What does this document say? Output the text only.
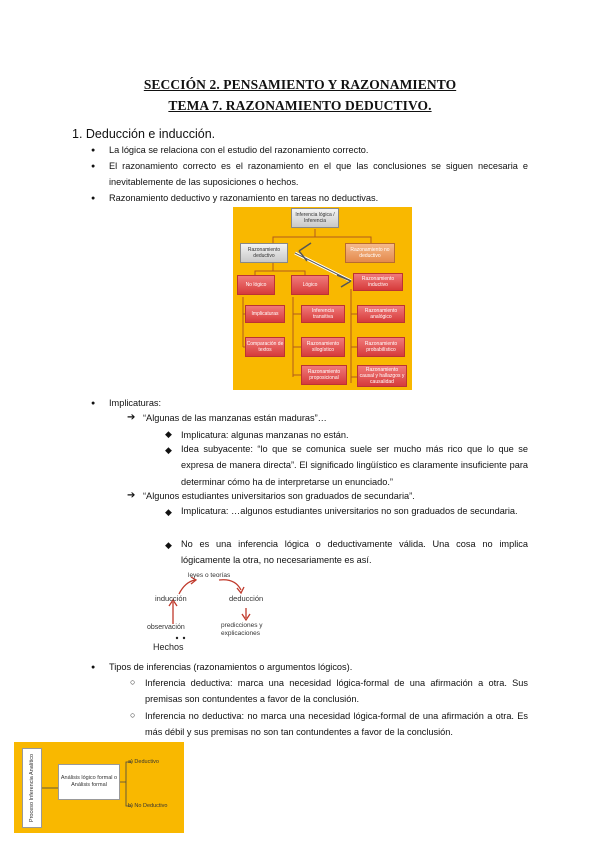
SECCIÓN 2. PENSAMIENTO Y RAZONAMIENTO
TEMA 7. RAZONAMIENTO DEDUCTIVO.
1. Deducción e inducción.
● La lógica se relaciona con el estudio del razonamiento correcto.
● El razonamiento correcto es el razonamiento en el que las conclusiones se siguen necesaria e inevitablemente de las suposiciones o hechos.
● Razonamiento deductivo y razonamiento en tareas no deductivas.
Inferencia lógica / Inferencia
Razonamiento deductivo
Razonamiento no deductivo
No lógico	Lógico
Razonamiento inductivo
Implicaturas	Inferencia transitiva
Razonamiento analógico
Comparación de textos
Razonamiento silogístico
Razonamiento probabilístico
Razonamiento proposicional
Razonamiento causal y hallazgos y causalidad
● Implicaturas:
➔ “Algunas de las manzanas están maduras”…
◆ Implicatura: algunas manzanas no están.
◆ Idea subyacente: “lo que se comunica suele ser mucho más rico que lo que se expresa de manera directa”. El significado lingüístico es claramente insuficiente para determinar cómo ha de interpretarse un enunciado.”
➔ “Algunos estudiantes universitarios son graduados de secundaria”.
◆ Implicatura: …algunos estudiantes universitarios no son graduados de secundaria.
◆ No es una inferencia lógica o deductivamente válida. Una cosa no implica lógicamente la otra, no necesariamente es así.
leyes o teorías
inducción	deducción
observación	predicciones y explicaciones
Hechos
● Tipos de inferencias (razonamientos o argumentos lógicos).
○ Inferencia deductiva: marca una necesidad lógica-formal de una afirmación a otra. Sus premisas son contundentes a favor de la conclusión.
○ Inferencia no deductiva: no marca una necesidad lógica-formal de una afirmación a otra. Es más débil y sus premisas no son tan contundentes a favor de la conclusión.
Proceso Inferencia Analítico	Análisis lógico formal o Análisis formal
a) Deductivo
b) No Deductivo
